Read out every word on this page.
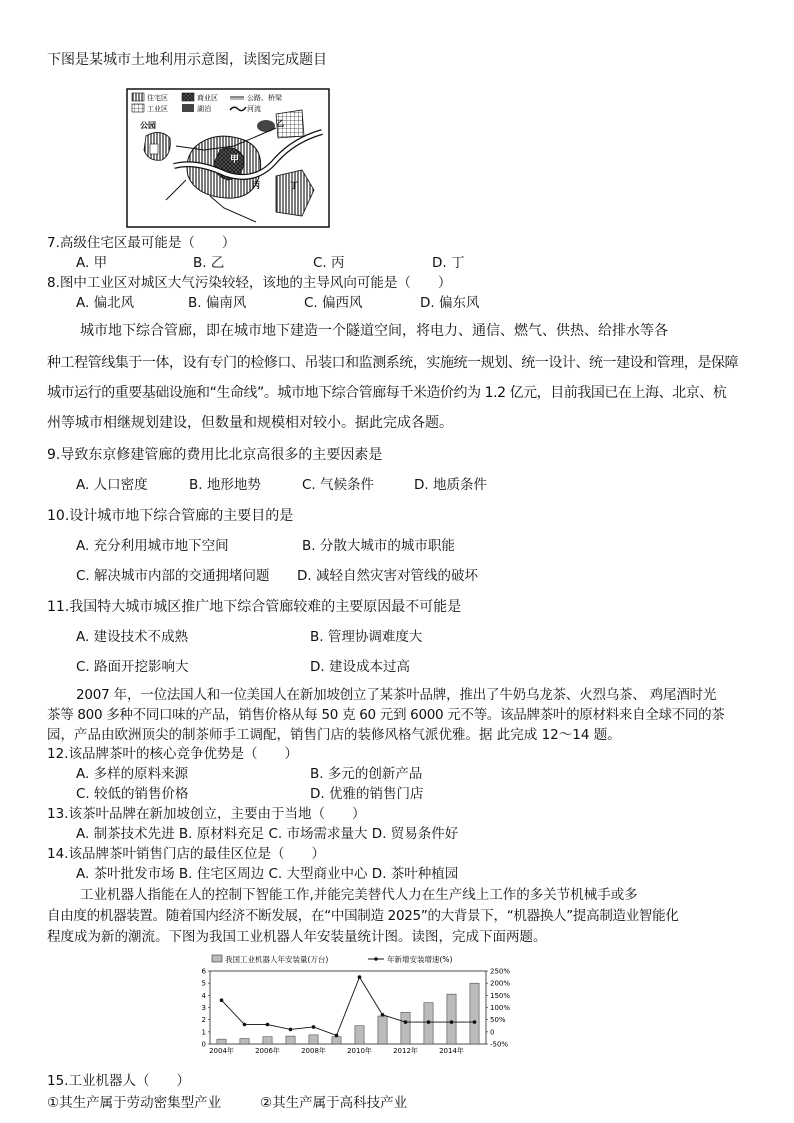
下图是某城市土地利用示意图，读图完成题目
住宅区	商业区	公路、桥梁
工业区	湖泊	河流
公园
甲
乙
丙	丁
7.高级住宅区最可能是（　　）
A. 甲	B. 乙	C. 丙	D. 丁
8.图中工业区对城区大气污染较轻，该地的主导风向可能是（　　）
A. 偏北风	B. 偏南风	C. 偏西风	D. 偏东风
城市地下综合管廊，即在城市地下建造一个隧道空间，将电力、通信、燃气、供热、给排水等各
种工程管线集于一体，设有专门的检修口、吊装口和监测系统，实施统一规划、统一设计、统一建设和管理，是保障
城市运行的重要基础设施和“生命线”。城市地下综合管廊每千米造价约为 1.2 亿元，目前我国已在上海、北京、杭
州等城市相继规划建设，但数量和规模相对较小。据此完成各题。
9.导致东京修建管廊的费用比北京高很多的主要因素是
A. 人口密度	B. 地形地势	C. 气候条件	D. 地质条件
10.设计城市地下综合管廊的主要目的是
A. 充分利用城市地下空间	B. 分散大城市的城市职能
C. 解决城市内部的交通拥堵问题 D. 减轻自然灾害对管线的破坏
11.我国特大城市城区推广地下综合管廊较难的主要原因最不可能是
A. 建设技术不成熟	B. 管理协调难度大
C. 路面开挖影响大	D. 建设成本过高
2007 年，一位法国人和一位美国人在新加坡创立了某茶叶品牌，推出了牛奶乌龙茶、火烈乌茶、 鸡尾酒时光
茶等 800 多种不同口味的产品，销售价格从每 50 克 60 元到 6000 元不等。该品牌茶叶的原材料来自全球不同的茶
园，产品由欧洲顶尖的制茶师手工调配，销售门店的装修风格气派优雅。据 此完成 12～14 题。
12.该品牌茶叶的核心竞争优势是（　　）
A. 多样的原料来源	B. 多元的创新产品
C. 较低的销售价格	D. 优雅的销售门店
13.该茶叶品牌在新加坡创立，主要由于当地（　　）
A. 制茶技术先进 B. 原材料充足 C. 市场需求量大 D. 贸易条件好
14.该品牌茶叶销售门店的最佳区位是（　　）
A. 茶叶批发市场 B. 住宅区周边 C. 大型商业中心 D. 茶叶种植园
工业机器人指能在人的控制下智能工作,并能完美替代人力在生产线上工作的多关节机械手或多
自由度的机器装置。随着国内经济不断发展，在“中国制造 2025”的大背景下，“机器换人”提高制造业智能化
程度成为新的潮流。下图为我国工业机器人年安装量统计图。读图，完成下面两题。
0
1
2
3
4
5
6
-50%
0
50%
100%
150%
200%
250%
2004年	2006年	2008年	2010年	2012年	2014年
我国工业机器人年安装量(万台)	年新增安装增速(%)
15.工业机器人（　　）
①其生产属于劳动密集型产业	②其生产属于高科技产业
